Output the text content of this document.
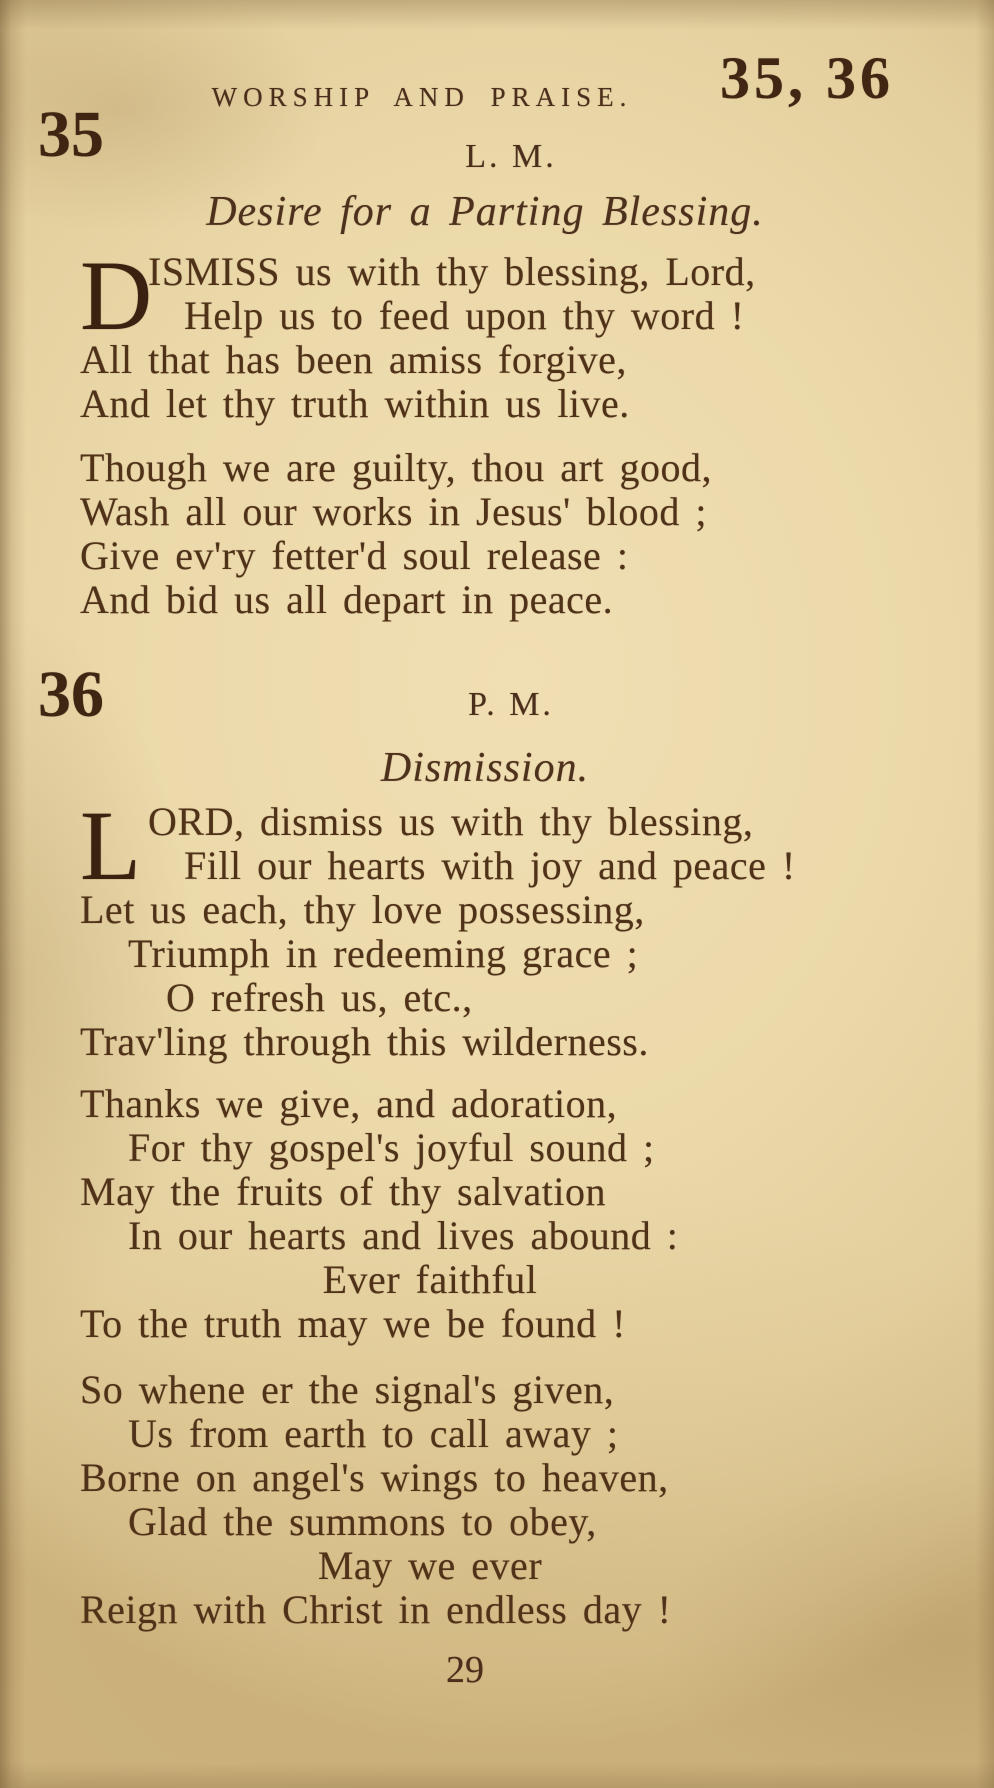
WORSHIP AND PRAISE.	35, 36
35	L. M.
Desire for a Parting Blessing.
D
ISMISS us with thy blessing, Lord,
Help us to feed upon thy word !
All that has been amiss forgive,
And let thy truth within us live.
Though we are guilty, thou art good,
Wash all our works in Jesus' blood ;
Give ev'ry fetter'd soul release :
And bid us all depart in peace.
36	P. M.
Dismission.
L ORD, dismiss us with thy blessing,
Fill our hearts with joy and peace !
Let us each, thy love possessing,
Triumph in redeeming grace ;
O refresh us, etc.,
Trav'ling through this wilderness.
Thanks we give, and adoration,
For thy gospel's joyful sound ;
May the fruits of thy salvation
In our hearts and lives abound :
Ever faithful
To the truth may we be found !
So whene er the signal's given,
Us from earth to call away ;
Borne on angel's wings to heaven,
Glad the summons to obey,
May we ever
Reign with Christ in endless day !
29
